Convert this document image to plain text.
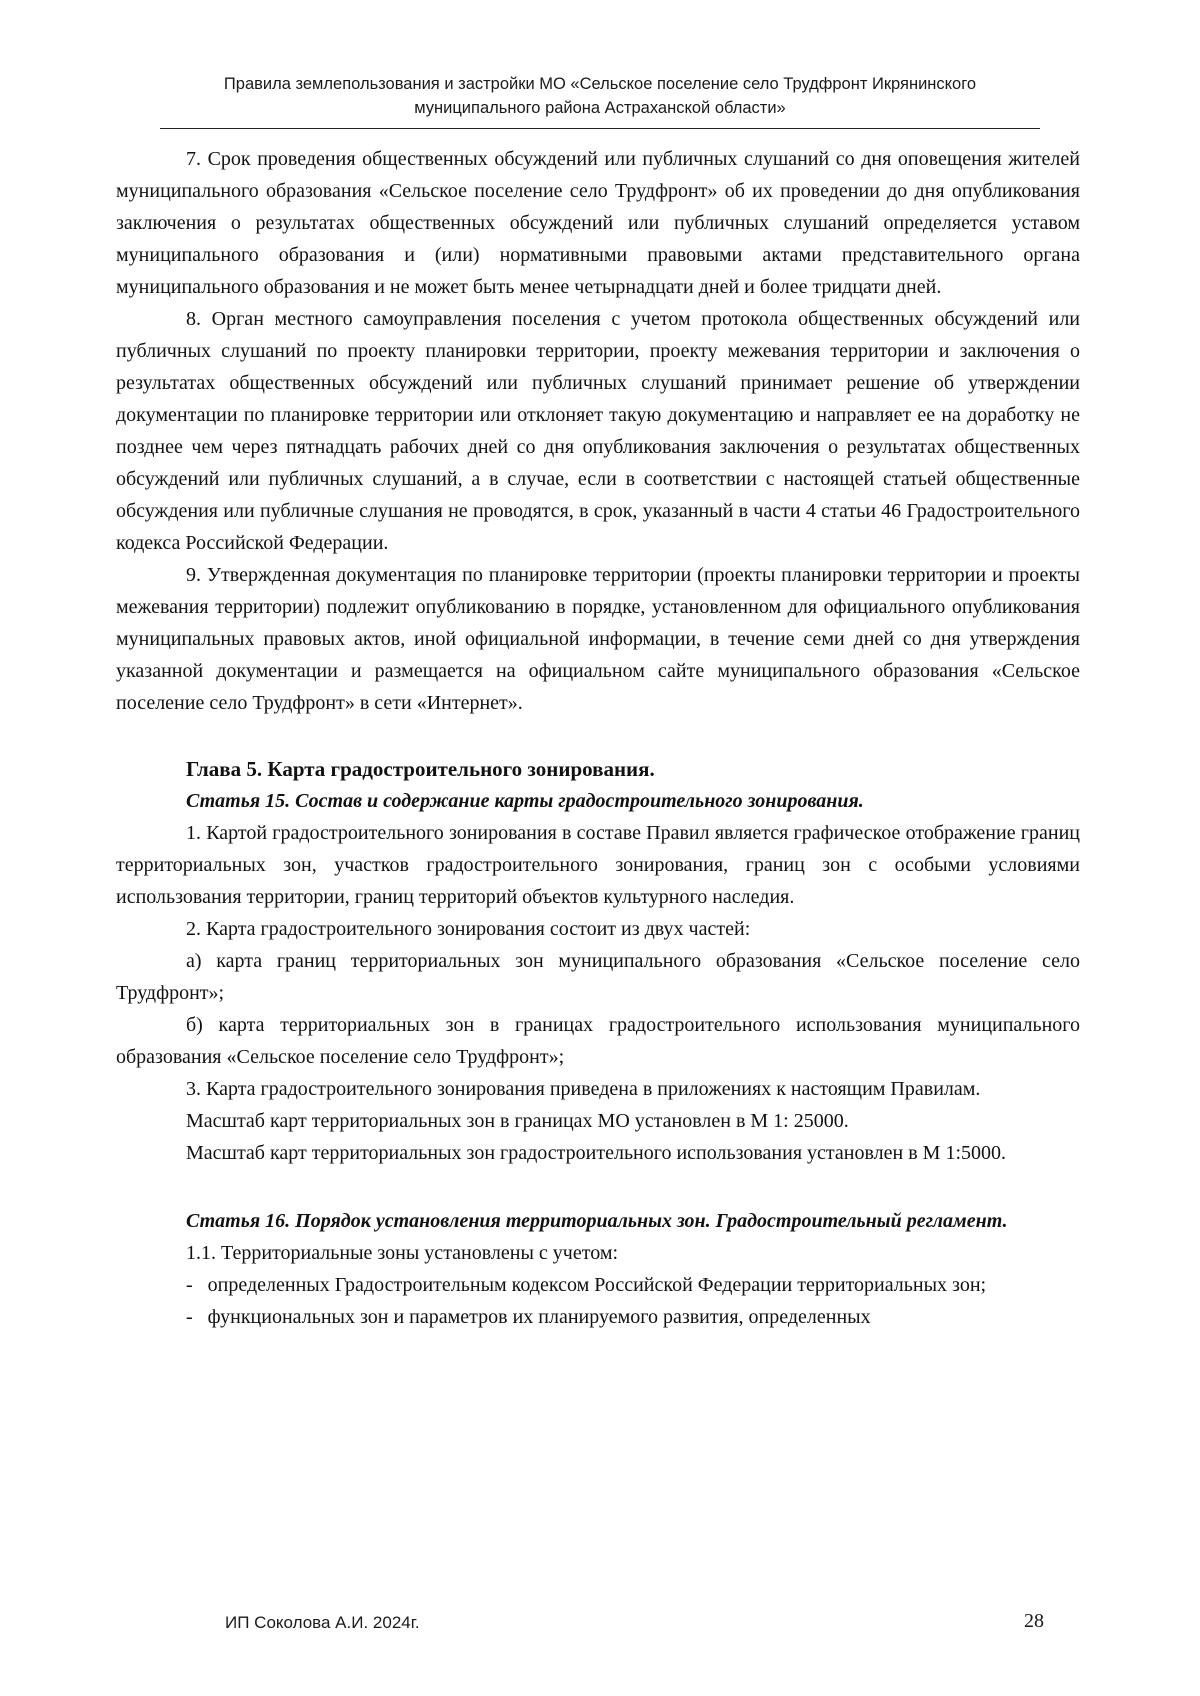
Правила землепользования и застройки МО «Сельское поселение село Трудфронт Икрянинского
муниципального района Астраханской области»

7. Срок проведения общественных обсуждений или публичных слушаний со дня оповещения жителей муниципального образования «Сельское поселение село Трудфронт» об их проведении до дня опубликования заключения о результатах общественных обсуждений или публичных слушаний определяется уставом муниципального образования и (или) нормативными правовыми актами представительного органа муниципального образования и не может быть менее четырнадцати дней и более тридцати дней.

8. Орган местного самоуправления поселения с учетом протокола общественных обсуждений или публичных слушаний по проекту планировки территории, проекту межевания территории и заключения о результатах общественных обсуждений или публичных слушаний принимает решение об утверждении документации по планировке территории или отклоняет такую документацию и направляет ее на доработку не позднее чем через пятнадцать рабочих дней со дня опубликования заключения о результатах общественных обсуждений или публичных слушаний, а в случае, если в соответствии с настоящей статьей общественные обсуждения или публичные слушания не проводятся, в срок, указанный в части 4 статьи 46 Градостроительного кодекса Российской Федерации.

9. Утвержденная документация по планировке территории (проекты планировки территории и проекты межевания территории) подлежит опубликованию в порядке, установленном для официального опубликования муниципальных правовых актов, иной официальной информации, в течение семи дней со дня утверждения указанной документации и размещается на официальном сайте муниципального образования «Сельское поселение село Трудфронт» в сети «Интернет».

Глава 5. Карта градостроительного зонирования.

Статья 15. Состав и содержание карты градостроительного зонирования.

1. Картой градостроительного зонирования в составе Правил является графическое отображение границ территориальных зон, участков градостроительного зонирования, границ зон с особыми условиями использования территории, границ территорий объектов культурного наследия.

2. Карта градостроительного зонирования состоит из двух частей:

а) карта границ территориальных зон муниципального образования «Сельское поселение село Трудфронт»;

б) карта территориальных зон в границах градостроительного использования муниципального образования «Сельское поселение село Трудфронт»;

3. Карта градостроительного зонирования приведена в приложениях к настоящим Правилам.

Масштаб карт территориальных зон в границах МО установлен в М 1: 25000.

Масштаб карт территориальных зон градостроительного использования установлен в М 1:5000.

Статья 16. Порядок установления территориальных зон. Градостроительный регламент.

1.1. Территориальные зоны установлены с учетом:

- определенных Градостроительным кодексом Российской Федерации территориальных зон;

- функциональных зон и параметров их планируемого развития, определенных

ИП Соколова А.И. 2024г.	28
